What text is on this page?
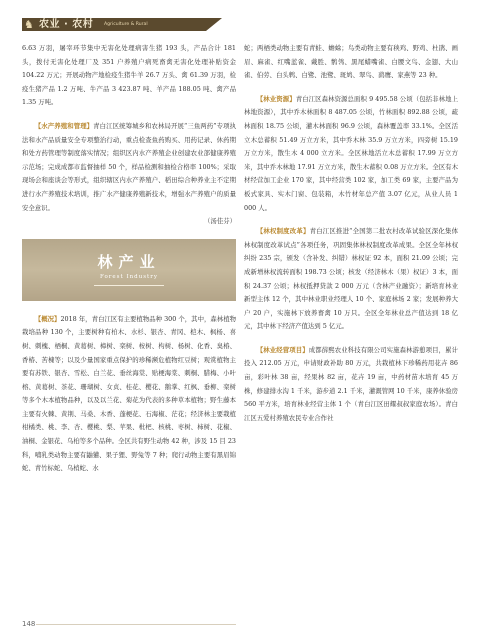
♞ 农业 · 农村 Agriculture & Rural

6.63 万羽，屠宰环节集中无害化处理病害生猪 193 头，产品合计 181 头，拨付无害化处理厂及 351 户养殖户病死畜禽无害化处理补贴资金 104.22 万元；开展动物产地检疫生猪牛羊 26.7 万头、禽 61.39 万羽，检疫生猪产品 1.2 万吨、牛产品 3 423.87 吨、羊产品 188.05 吨、禽产品 1.35 万吨。

【水产养殖和管理】青白江区统筹城乡和农林局开展“三鱼两药”专项执法和水产品质量安全专项整治行动，重点检查鱼药购买、用药记录、休药期和处方药管理等制度落实情况；组织区内水产养殖企业创建农业部健康养殖示范场；完成成都市监督抽样 50 个，样品检测和抽检合格率 100%；采取现场会和座谈会等形式，组织辖区内水产养殖户、稻田综合种养业主不定期进行水产养殖技术培训，推广水产健康养殖新技术，增强水产养殖户的质量安全意识。

（汤佳芬）

林产业
Forest Industry

【概况】2018 年，青白江区有主要植物品种 300 个，其中，森林植物栽培品种 130 个，主要树种有柏木、水杉、银杏、青冈、桤木、枫杨、喜树、刺槐、栖桐、黄葛树、樟树、栾树、桉树、构树、杨树、化香、臭椿、香椿、苦楝等；以及少量国家重点保护的珍稀濒危植物红豆树；观赏植物主要有苏铁、银杏、雪松、白兰花、垂丝海棠、贴梗海棠、刺桐、腊梅、小叶榕、黄葛树、茶花、珊瑚树、女贞、桂花、樱花、鹅掌、红枫、垂柳、栾树等多个木本植物品种，以及以兰花、菊花为代表的多种草本植物；野生藤本主要有火棘、黄荆、马桑、木香、蓬梗花、石海椒、茫花；经济林主要栽植柑橘类、桃、李、杏、樱桃、梨、苹果、枇杷、核桃、枣树、柿树、花椒、油桐、金银花、乌桕等多个品种。全区共有野生动物 42 种，涉及 15 目 23 科，哺乳类动物主要有鼬獾、果子狸、野兔等 7 种；爬行动物主要有黑眉锦蛇、青竹标蛇、乌梢蛇、水

蛇；两栖类动物主要有青蛙、蟾蜍；鸟类动物主要有秧鸡、野鸡、杜鹃、画眉、麻雀、红嘴蓝雀、戴胜、鹡鸰、黑尾蜡嘴雀、白腰文鸟、金翅、大山雀、伯劳、白头鹎、白鹭、池鹭、斑鸠、翠鸟、鹞鹰、家燕等 23 种。

【林业资源】青白江区森林资源总面积 9 495.58 公顷（包括非林地上林地资源），其中乔木林面积 8 487.05 公顷，竹林面积 892.88 公顷，疏林面积 18.75 公顷，灌木林面积 96.9 公顷，森林覆盖率 33.1%。全区活立木总蓄积 51.49 万立方米，其中乔木林 35.9 万立方米，四旁树 15.19 万立方米，散生木 4 000 立方米。全区林地活立木总蓄积 17.99 万立方米，其中乔木林地 17.91 万立方米，散生木蓄积 0.08 万立方米。全区有木材经营加工企业 170 家，其中经营类 102 家，加工类 69 家，主要产品为板式家具、实木门窗、包装箱，木竹材年总产值 3.07 亿元，从业人员 1 000 人。

【林权制度改革】青白江区推进“全国第二批农村改革试验区深化集体林权制度改革试点”各项任务，巩固集体林权制度改革成果。全区全年林权纠纷 235 宗，颁发（含补发、纠错）林权证 92 本，面积 21.09 公顷；完成新增林权流转面积 198.73 公顷；核发（经济林木（果）权证）3 本，面积 24.37 公顷；林权抵押贷款 2 000 万元（含林产业融资）；新培育林业新型主体 12 个，其中林业职业经理人 10 个、家庭林场 2 家；发展种养大户 20 户，实施林下放养畜禽 10 万只。全区全年林业总产值达到 18 亿元，其中林下经济产值达到 5 亿元。

【林业经营项目】成都薛熙农业科技有限公司实施森林游憩项目，累计投入 212.05 万元，申请财政补助 80 万元，共栽植林下珍稀药用花卉 86 亩，彩叶林 38 亩，经果林 82 亩，花卉 19 亩，中药材苗木培育 45 万株，修建排水沟 1 千米，游步道 2.1 千米，灌溉管网 10 千米，康养休验房 560 平方米，培育林业经营主体 1 个（青白江区田耀叔叔家庭农场）。青白江区五爱村养殖农民专业合作社

148
